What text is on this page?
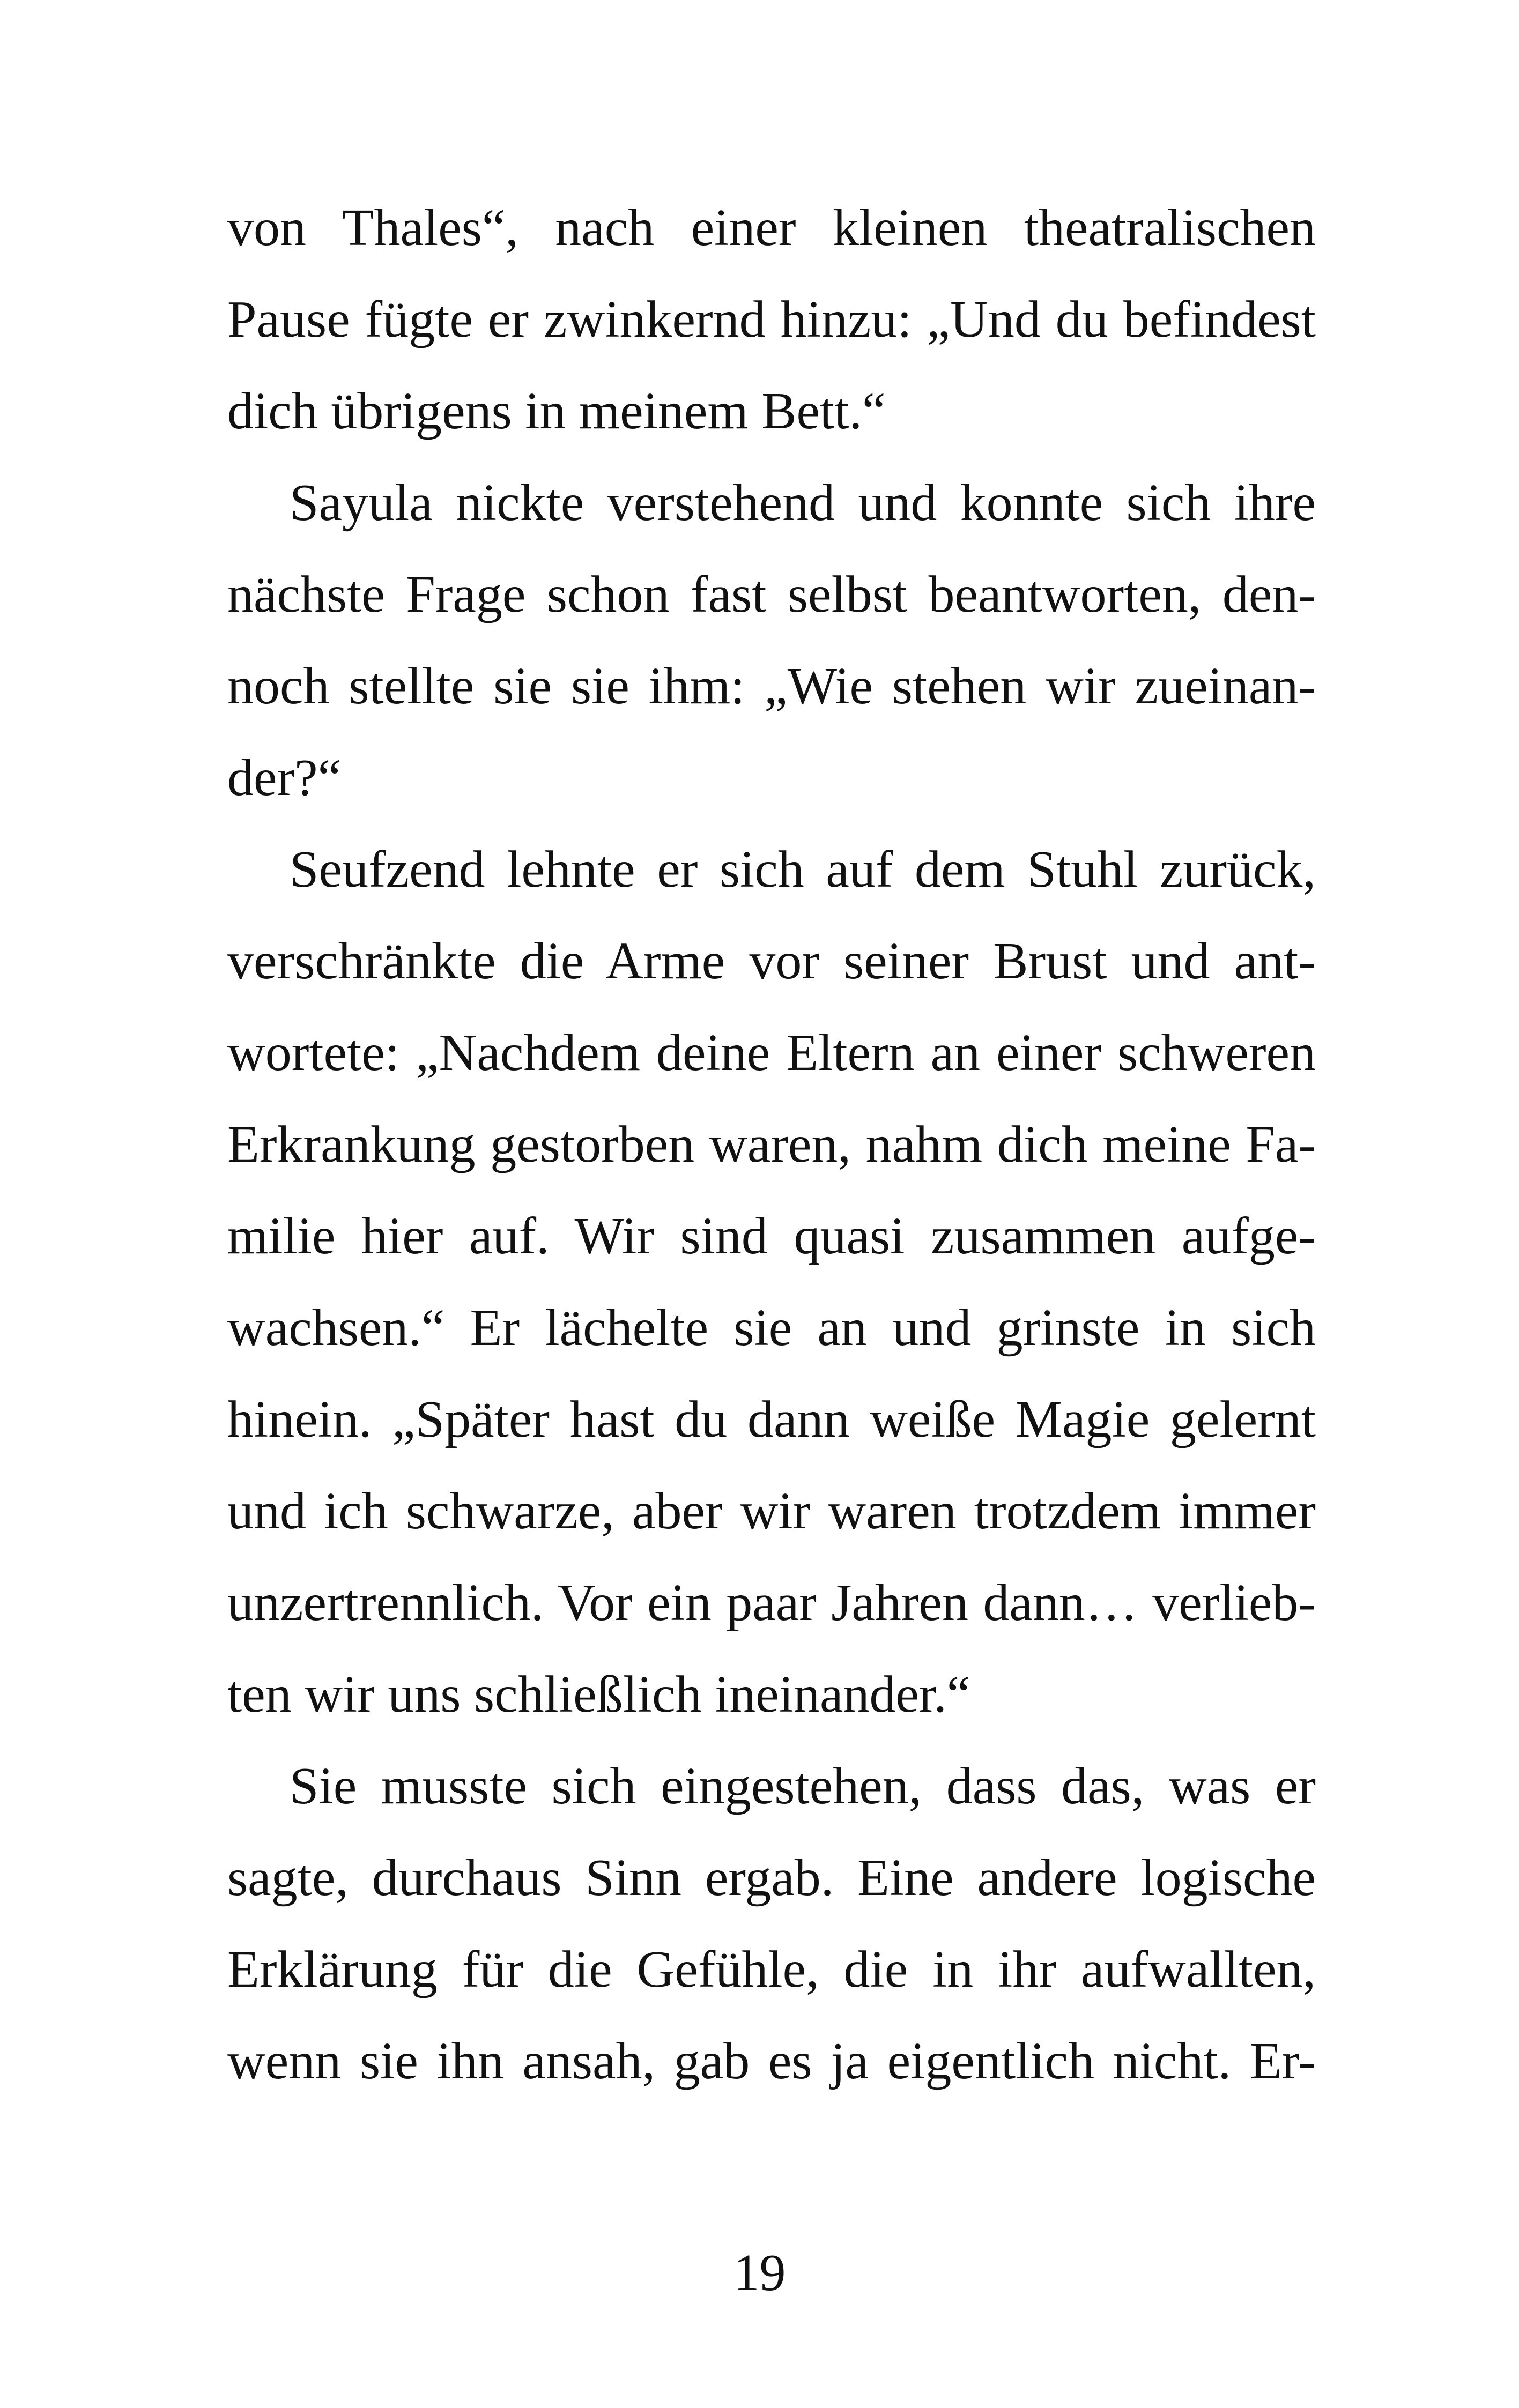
von Thales“, nach einer kleinen theatralischen
Pause fügte er zwinkernd hinzu: „Und du befindest
dich übrigens in meinem Bett.“
Sayula nickte verstehend und konnte sich ihre
nächste Frage schon fast selbst beantworten, den-
noch stellte sie sie ihm: „Wie stehen wir zueinan-
der?“
Seufzend lehnte er sich auf dem Stuhl zurück,
verschränkte die Arme vor seiner Brust und ant-
wortete: „Nachdem deine Eltern an einer schweren
Erkrankung gestorben waren, nahm dich meine Fa-
milie hier auf. Wir sind quasi zusammen aufge-
wachsen.“ Er lächelte sie an und grinste in sich
hinein. „Später hast du dann weiße Magie gelernt
und ich schwarze, aber wir waren trotzdem immer
unzertrennlich. Vor ein paar Jahren dann… verlieb-
ten wir uns schließlich ineinander.“
Sie musste sich eingestehen, dass das, was er
sagte, durchaus Sinn ergab. Eine andere logische
Erklärung für die Gefühle, die in ihr aufwallten,
wenn sie ihn ansah, gab es ja eigentlich nicht. Er-
19
